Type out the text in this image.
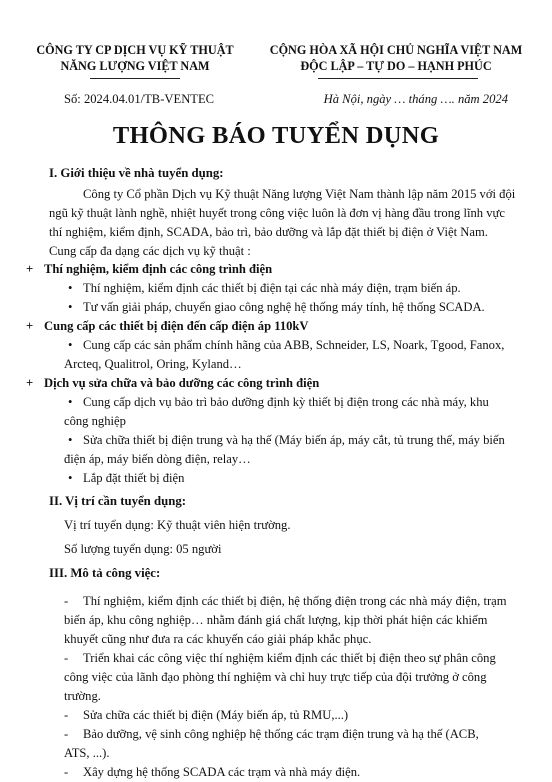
CÔNG TY CP DỊCH VỤ KỸ THUẬT
NĂNG LƯỢNG VIỆT NAM
CỘNG HÒA XÃ HỘI CHỦ NGHĨA VIỆT NAM
ĐỘC LẬP – TỰ DO – HẠNH PHÚC
Số: 2024.04.01/TB-VENTEC	Hà Nội, ngày … tháng …. năm 2024
THÔNG BÁO TUYỂN DỤNG
I. Giới thiệu về nhà tuyển dụng:
Công ty Cổ phần Dịch vụ Kỹ thuật Năng lượng Việt Nam thành lập năm 2015 với đội
ngũ kỹ thuật lành nghề, nhiệt huyết trong công việc luôn là đơn vị hàng đầu trong lĩnh vực
thí nghiệm, kiểm định, SCADA, bảo trì, bảo dưỡng và lắp đặt thiết bị điện ở Việt Nam.
Cung cấp đa dạng các dịch vụ kỹ thuật :
+ Thí nghiệm, kiểm định các công trình điện
• Thí nghiệm, kiểm định các thiết bị điện tại các nhà máy điện, trạm biến áp.
• Tư vấn giải pháp, chuyển giao công nghệ hệ thống máy tính, hệ thống SCADA.
+ Cung cấp các thiết bị điện đến cấp điện áp 110kV
• Cung cấp các sản phẩm chính hãng của ABB, Schneider, LS, Noark, Tgood, Fanox,
Arcteq, Qualitrol, Oring, Kyland…
+ Dịch vụ sửa chữa và bảo dưỡng các công trình điện
• Cung cấp dịch vụ bảo trì bảo dưỡng định kỳ thiết bị điện trong các nhà máy, khu
công nghiệp
• Sửa chữa thiết bị điện trung và hạ thế (Máy biến áp, máy cắt, tủ trung thế, máy biến
điện áp, máy biến dòng điện, relay…
• Lắp đặt thiết bị điện
II. Vị trí cần tuyển dụng:
Vị trí tuyển dụng: Kỹ thuật viên hiện trường.
Số lượng tuyển dụng: 05 người
III. Mô tả công việc:
- Thí nghiệm, kiểm định các thiết bị điện, hệ thống điện trong các nhà máy điện, trạm
biến áp, khu công nghiệp… nhằm đánh giá chất lượng, kịp thời phát hiện các khiếm
khuyết cũng như đưa ra các khuyến cáo giải pháp khắc phục.
- Triển khai các công việc thí nghiệm kiểm định các thiết bị điện theo sự phân công
công việc của lãnh đạo phòng thí nghiệm và chỉ huy trực tiếp của đội trưởng ở công
trường.
- Sửa chữa các thiết bị điện (Máy biến áp, tủ RMU,...)
- Bảo dưỡng, vệ sinh công nghiệp hệ thống các trạm điện trung và hạ thế (ACB,
ATS, ...).
- Xây dựng hệ thống SCADA các trạm và nhà máy điện.
